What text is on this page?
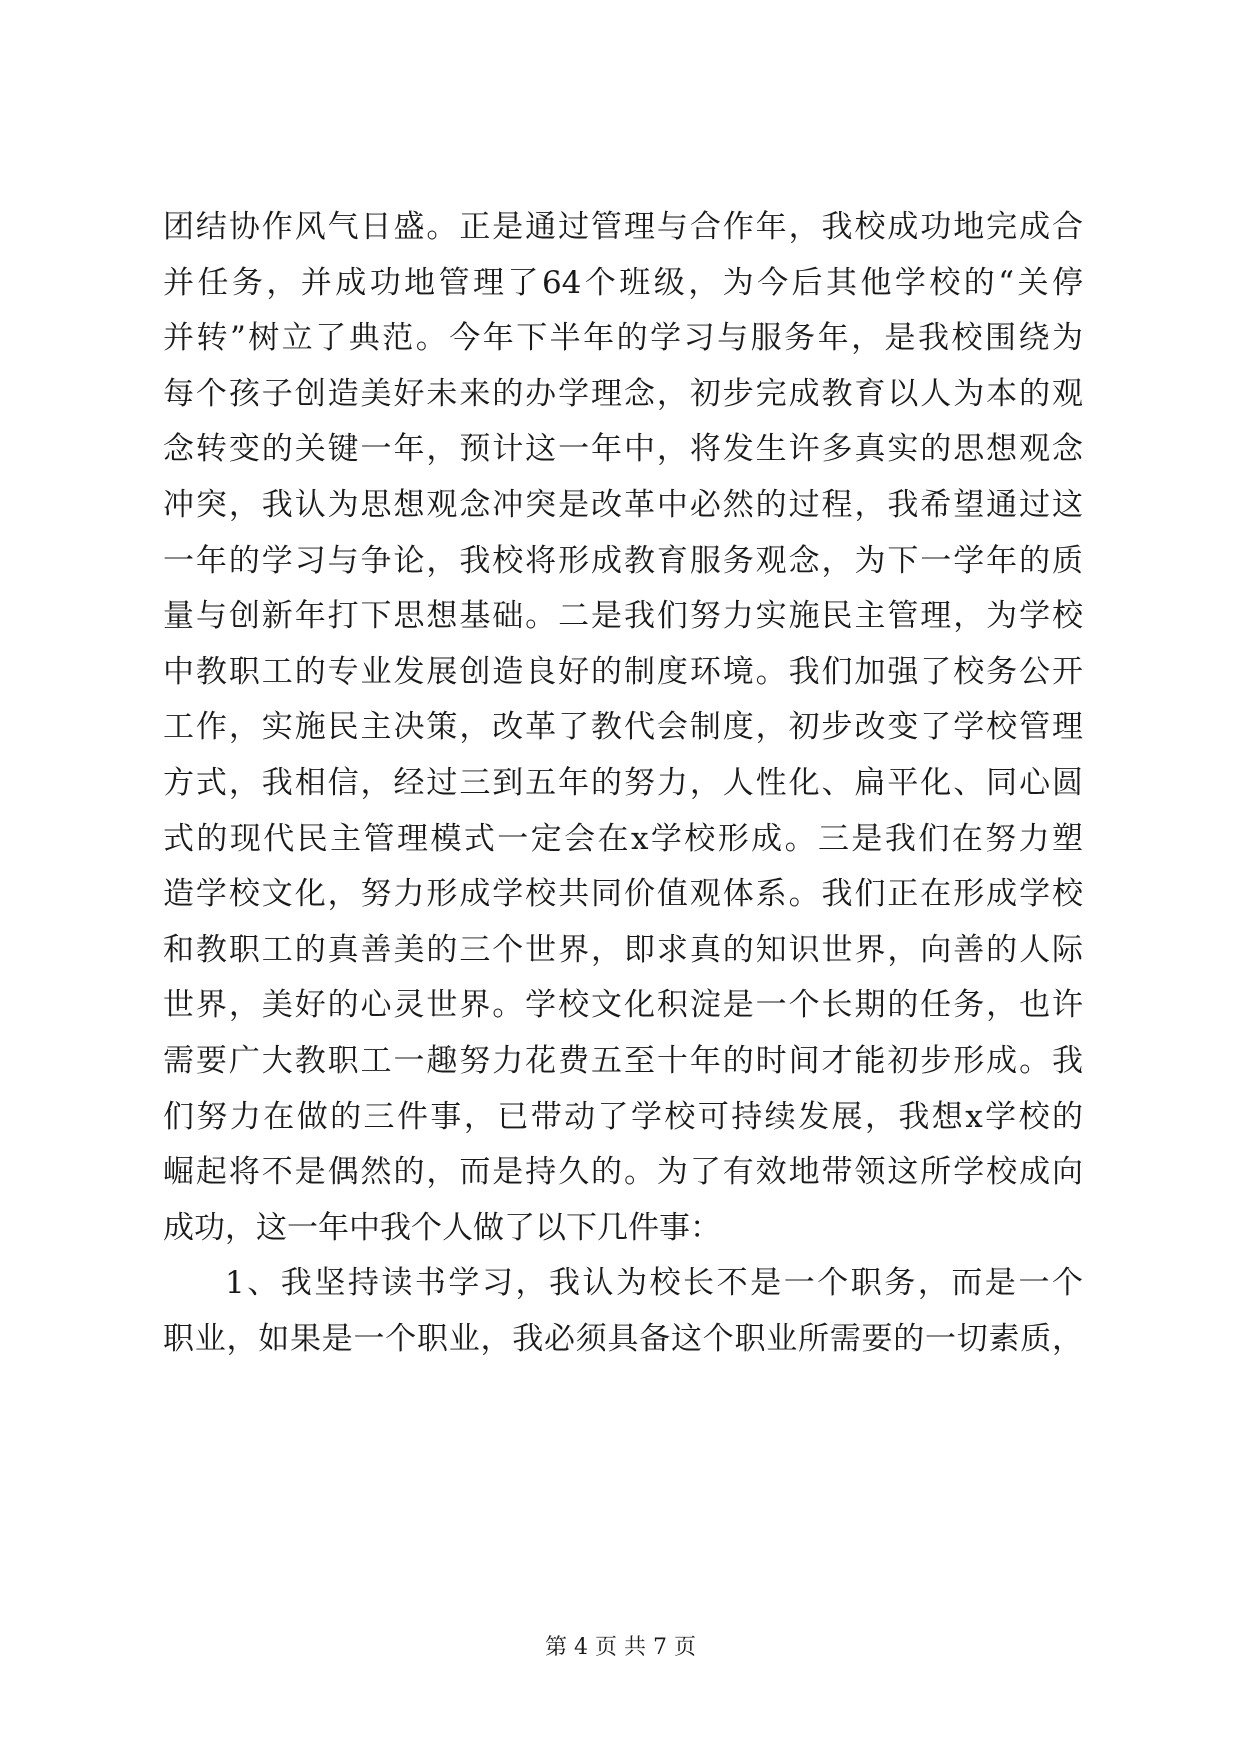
团结协作风气日盛。正是通过管理与合作年，我校成功地完成合
并任务，并成功地管理了64个班级，为今后其他学校的“关停
并转”树立了典范。今年下半年的学习与服务年，是我校围绕为
每个孩子创造美好未来的办学理念，初步完成教育以人为本的观
念转变的关键一年，预计这一年中，将发生许多真实的思想观念
冲突，我认为思想观念冲突是改革中必然的过程，我希望通过这
一年的学习与争论，我校将形成教育服务观念，为下一学年的质
量与创新年打下思想基础。二是我们努力实施民主管理，为学校
中教职工的专业发展创造良好的制度环境。我们加强了校务公开
工作，实施民主决策，改革了教代会制度，初步改变了学校管理
方式，我相信，经过三到五年的努力，人性化、扁平化、同心圆
式的现代民主管理模式一定会在x学校形成。三是我们在努力塑
造学校文化，努力形成学校共同价值观体系。我们正在形成学校
和教职工的真善美的三个世界，即求真的知识世界，向善的人际
世界，美好的心灵世界。学校文化积淀是一个长期的任务，也许
需要广大教职工一趣努力花费五至十年的时间才能初步形成。我
们努力在做的三件事，已带动了学校可持续发展，我想x学校的
崛起将不是偶然的，而是持久的。为了有效地带领这所学校成向
成功，这一年中我个人做了以下几件事：
1、我坚持读书学习，我认为校长不是一个职务，而是一个
职业，如果是一个职业，我必须具备这个职业所需要的一切素质，
第 4 页 共 7 页
